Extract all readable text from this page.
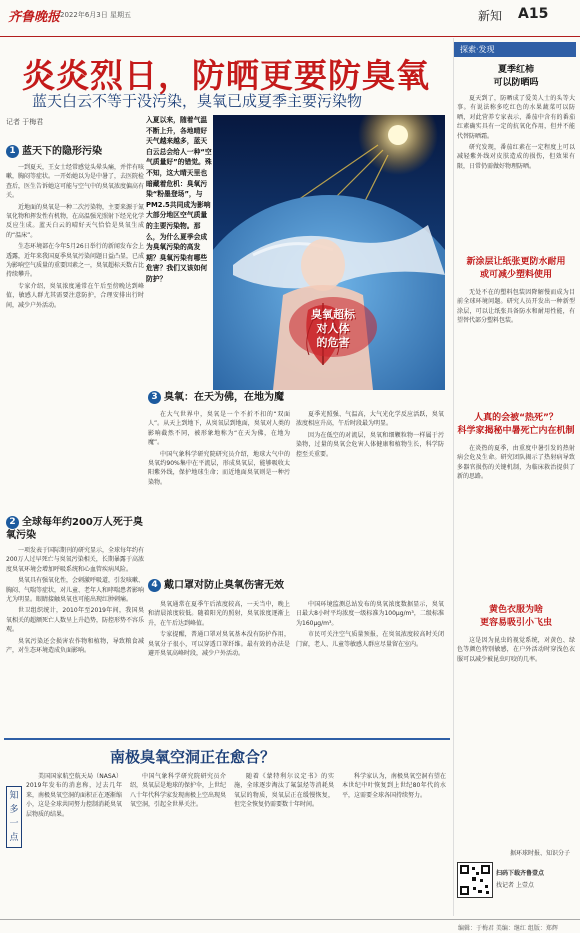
齐鲁晚报 2022年6月3日 星期五	新知 A15
炎炎烈日，防晒更要防臭氧
蓝天白云不等于没污染，臭氧已成夏季主要污染物
记者 于梅君
1 蓝天下的隐形污染

一到夏天，王女士经常感觉头晕头痛，并伴有咳嗽，胸闷等症状。一开始她以为是中暑了，去医院检查后，医生告诉她这可能与空气中的臭氧浓度偏高有关。

近地面的臭氧是一种二次污染物，主要来源于氮氧化物和挥发性有机物，在高温强光照射下经光化学反应生成。蓝天白云的晴好天气恰恰是臭氧生成的“温床”。

生态环境部在今年5月26日举行的新闻发布会上透露，近年来我国夏季臭氧污染问题日益凸显，已成为影响空气质量的重要因素之一，臭氧超标天数占比持续攀升。

专家介绍，臭氧浓度通常在午后至傍晚达到峰值，敏感人群尤其需要注意防护，合理安排出行时间，减少户外活动。

2 全球每年约200万人死于臭氧污染

一项发表于国际期刊的研究显示，全球每年约有200万人过早死亡与臭氧污染相关，长期暴露于高浓度臭氧环境会增加呼吸系统和心血管疾病风险。

臭氧具有强氧化性，会刺激呼吸道，引发咳嗽、胸闷、气喘等症状，对儿童、老年人和哮喘患者影响尤为明显。眼睛接触臭氧也可能出现红肿刺痛。

世卫组织统计，2010年至2019年间，我国臭氧相关的超额死亡人数呈上升趋势，防控形势不容乐观。

臭氧污染还会损害农作物和植物，导致粮食减产，对生态环境造成负面影响。

入夏以来，随着气温不断上升，各地晴好天气越来越多，蓝天白云总会给人一种“空气质量好”的错觉。殊不知，这大晴天里也暗藏着危机：臭氧污染“粉墨登场”，与PM2.5共同成为影响大部分地区空气质量的主要污染物。那么，为什么夏季会成为臭氧污染的高发期？臭氧污染有哪些危害？我们又该如何防护？
臭氧超标
对人体
的危害
3 臭氧：在天为佛，在地为魔

在大气世界中，臭氧是一个不折不扣的“双面人”。从天上到地下，从臭氧层到地面，臭氧对人类的影响截然不同，被形象地称为“在天为佛，在地为魔”。

中国气象科学研究院研究员介绍，地球大气中的臭氧约90%集中在平流层，形成臭氧层，能够吸收太阳紫外线，保护地球生命；而近地面臭氧则是一种污染物。

夏季光照强、气温高，大气光化学反应活跃，臭氧浓度相应升高，午后时段最为明显。

因为在低空的对流层，臭氧和细颗粒物一样属于污染物，过量的臭氧会危害人体健康和植物生长，科学防控至关重要。

4 戴口罩对防止臭氧伤害无效

臭氧通常在夏季午后浓度较高，一天当中，晚上和清晨浓度较低。随着阳光的照射，臭氧浓度逐渐上升，在午后达到峰值。

专家提醒，普通口罩对臭氧基本没有防护作用，臭氧分子很小，可以穿透口罩纤维。最有效的办法是避开臭氧高峰时段，减少户外活动。

中国环境监测总站发布的臭氧浓度数据显示，臭氧日最大8小时平均浓度一级标准为100μg/m³，二级标准为160μg/m³。

市民可关注空气质量预报，在臭氧浓度较高时关闭门窗，老人、儿童等敏感人群应尽量留在室内。

探索·发现
夏季红柿
可以防晒吗

夏天到了，防晒成了爱美人士的头等大事。有说法称多吃红色的水果蔬菜可以防晒，对此营养专家表示，番茄中含有的番茄红素确实具有一定的抗氧化作用，但并不能代替防晒霜。

研究发现，番茄红素在一定程度上可以减轻紫外线对皮肤造成的损伤，但效果有限，日常仍需做好物理防晒。

新涂层让纸张更防水耐用
或可减少塑料使用

无处不在的塑料包装因降解慢而成为目前全球环境问题。研究人员开发出一种新型涂层，可以让纸张具备防水和耐用性能，有望替代部分塑料包装。

人真的会被“热死”？
科学家揭秘中暑死亡内在机制

在炎热的夏季，由重度中暑引发的热射病会危及生命。研究团队揭示了热射病导致多器官损伤的关键机制，为临床救治提供了新的思路。

黄色衣服为啥
更容易吸引小飞虫

这是因为昆虫的视觉系统，对黄色、绿色等颜色特别敏感，在户外活动时穿浅色衣服可以减少被昆虫叮咬的几率。

据环球时报、知识分子
扫码下载齐鲁壹点
找记者 上壹点
南极臭氧空洞正在愈合？
知多一点

美国国家航空航天局（NASA）2019年发布的消息称，过去几年来，南极臭氧空洞的面积正在逐渐缩小，这是全球共同努力控制消耗臭氧层物质的结果。

中国气象科学研究院研究员介绍，臭氧层是地球的保护伞，上世纪八十年代科学家发现南极上空出现臭氧空洞，引起全世界关注。

随着《蒙特利尔议定书》的实施，全球逐步淘汰了氟氯烃等消耗臭氧层的物质，臭氧层正在缓慢恢复，但完全恢复仍需要数十年时间。

科学家认为，南极臭氧空洞有望在本世纪中叶恢复到上世纪80年代的水平，这需要全球各国持续努力。

编辑：于梅君 美编：继红 组版：郑辉
